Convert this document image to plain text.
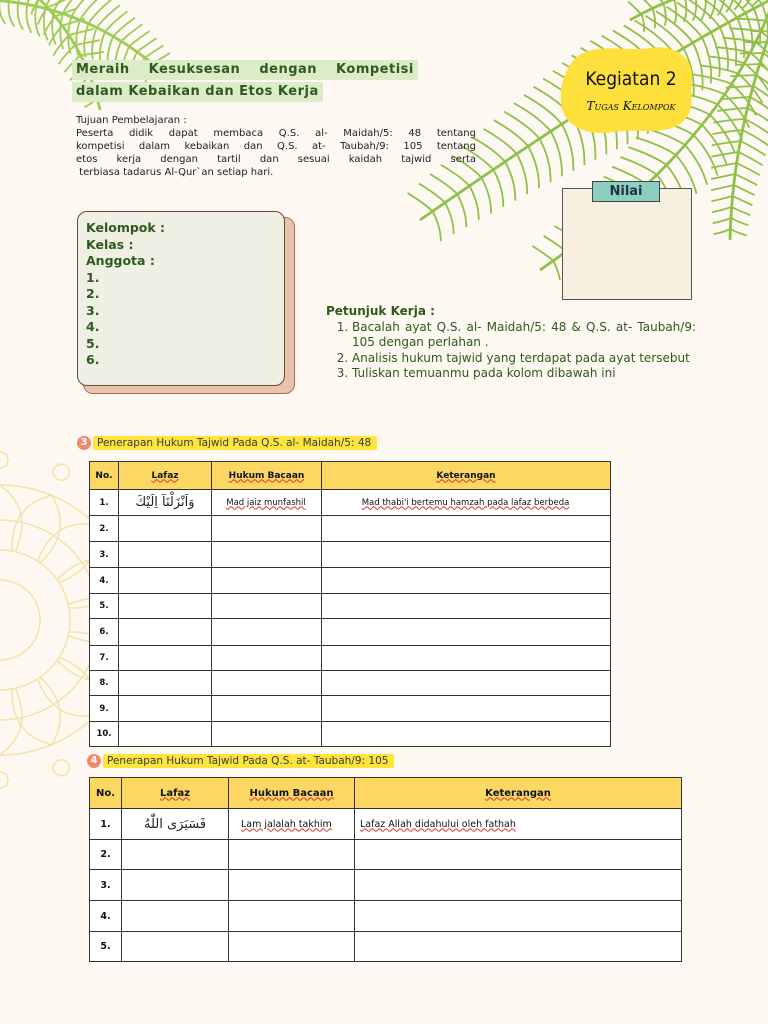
Meraih Kesuksesan dengan Kompetisi
dalam Kebaikan dan Etos Kerja
Tujuan Pembelajaran :
Peserta didik dapat membaca Q.S. al- Maidah/5: 48 tentang
kompetisi dalam kebaikan dan Q.S. at- Taubah/9: 105 tentang
etos kerja dengan tartil dan sesuai kaidah tajwid serta
terbiasa tadarus Al-Qur`an setiap hari.
Kegiatan 2
Tugas Kelompok
Nilai
Kelompok :
Kelas :
Anggota :
1.
2.
3.
4.
5.
6.
Petunjuk Kerja :
1. Bacalah ayat Q.S. al- Maidah/5: 48 & Q.S. at- Taubah/9: 105 dengan perlahan .
2. Analisis hukum tajwid yang terdapat pada ayat tersebut
3. Tuliskan temuanmu pada kolom dibawah ini
3 Penerapan Hukum Tajwid Pada Q.S. al- Maidah/5: 48
No.	Lafaz	Hukum Bacaan	Keterangan
1.	وَاَنْزَلْنَآ اِلَيْكَ	Mad jaiz munfashil	Mad thabi'i bertemu hamzah pada lafaz berbeda
2.			
3.			
4.			
5.			
6.			
7.			
8.			
9.			
10.			
4 Penerapan Hukum Tajwid Pada Q.S. at- Taubah/9: 105
No.	Lafaz	Hukum Bacaan	Keterangan
1.	فَسَيَرَى اللّٰهُ	Lam jalalah takhim	Lafaz Allah didahului oleh fathah
2.			
3.			
4.			
5.			
